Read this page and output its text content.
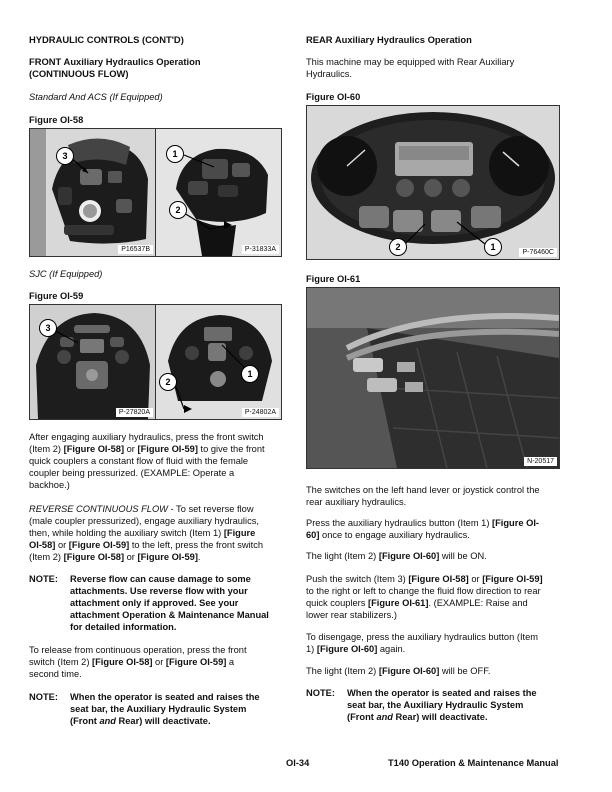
HYDRAULIC CONTROLS (CONT'D)
FRONT Auxiliary Hydraulics Operation
(CONTINUOUS FLOW)
Standard And ACS (If Equipped)
Figure OI-58
3
P16537B
1
2
P-31833A
SJC (If Equipped)
Figure OI-59
3
P-27820A
1
2
P-24802A

After engaging auxiliary hydraulics, press the front switch

(Item 2) [Figure OI-58] or [Figure OI-59] to give the front

quick couplers a constant flow of fluid with the female

coupler being pressurized. (EXAMPLE: Operate a

backhoe.)

REVERSE CONTINUOUS FLOW - To set reverse flow

(male coupler pressurized), engage auxiliary hydraulics,

then, while holding the auxiliary switch (Item 1) [Figure

OI-58] or [Figure OI-59] to the left, press the front switch

(Item 2) [Figure OI-58] or [Figure OI-59].

NOTE: Reverse flow can cause damage to some

attachments. Use reverse flow with your

attachment only if approved. See your

attachment Operation & Maintenance Manual

for detailed information.

To release from continuous operation, press the front

switch (Item 2) [Figure OI-58] or [Figure OI-59] a

second time.

NOTE: When the operator is seated and raises the

seat bar, the Auxiliary Hydraulic System

(Front and Rear) will deactivate.

REAR Auxiliary Hydraulics Operation

This machine may be equipped with Rear Auxiliary

Hydraulics.

Figure OI-60
2	1
P-76460C
Figure OI-61
N-20517

The switches on the left hand lever or joystick control the

rear auxiliary hydraulics.

Press the auxiliary hydraulics button (Item 1) [Figure OI-

60] once to engage auxiliary hydraulics.

The light (Item 2) [Figure OI-60] will be ON.

Push the switch (Item 3) [Figure OI-58] or [Figure OI-59]

to the right or left to change the fluid flow direction to rear

quick couplers [Figure OI-61]. (EXAMPLE: Raise and

lower rear stabilizers.)

To disengage, press the auxiliary hydraulics button (Item

1) [Figure OI-60] again.

The light (Item 2) [Figure OI-60] will be OFF.

NOTE: When the operator is seated and raises the

seat bar, the Auxiliary Hydraulic System

(Front and Rear) will deactivate.

OI-34	T140 Operation & Maintenance Manual
